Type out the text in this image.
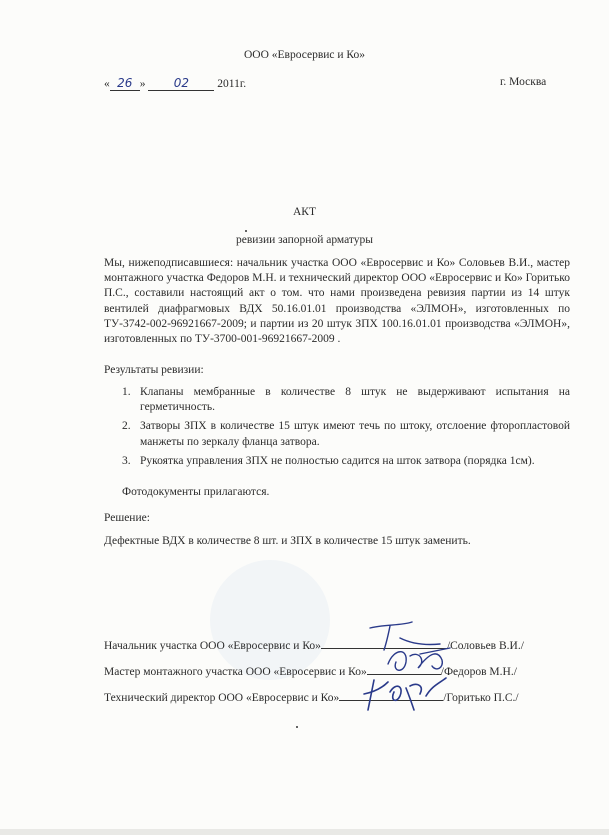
ООО «Евросервис и Ко»
« 26 » 02 2011г.	г. Москва
АКТ
ревизии запорной арматуры
Мы, нижеподписавшиеся: начальник участка ООО «Евросервис и Ко» Соловьев В.И., мастер монтажного участка Федоров М.Н. и технический директор ООО «Евросервис и Ко» Горитько П.С., составили настоящий акт о том. что нами произведена ревизия партии из 14 штук вентилей диафрагмовых ВДХ 50.16.01.01 производства «ЭЛМОН», изготовленных по ТУ-3742-002-96921667-2009; и партии из 20 штук ЗПХ 100.16.01.01 производства «ЭЛМОН», изготовленных по ТУ-3700-001-96921667-2009 .
Результаты ревизии:
1. Клапаны мембранные в количестве 8 штук не выдерживают испытания на герметичность.
2. Затворы ЗПХ в количестве 15 штук имеют течь по штоку, отслоение фторопластовой манжеты по зеркалу фланца затвора.
3. Рукоятка управления ЗПХ не полностью садится на шток затвора (порядка 1см).
Фотодокументы прилагаются.
Решение:
Дефектные ВДХ в количестве 8 шт. и ЗПХ в количестве 15 штук заменить.
Начальник участка ООО «Евросервис и Ко»	/Соловьев В.И./
Мастер монтажного участка ООО «Евросервис и Ко»	/Федоров М.Н./
Технический директор ООО «Евросервис и Ко»	/Горитько П.С./
